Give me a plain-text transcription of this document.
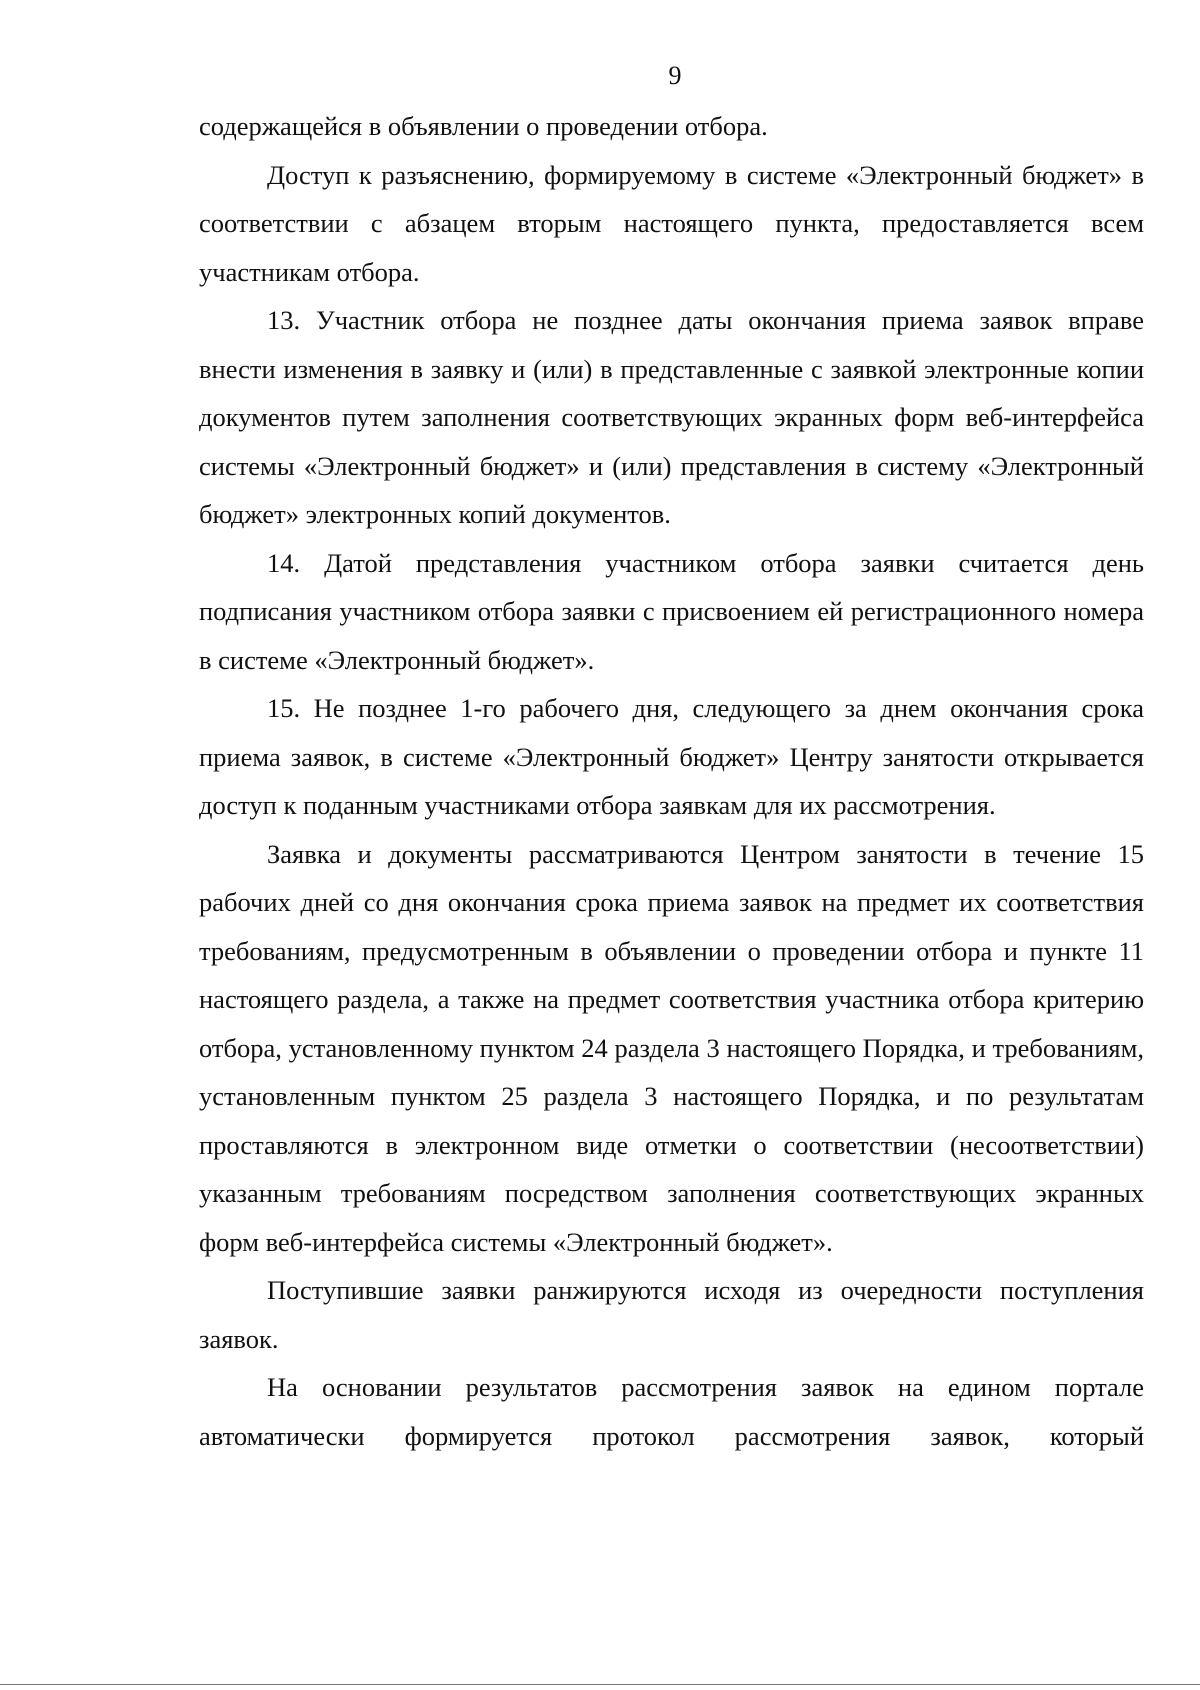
9

содержащейся в объявлении о проведении отбора.

Доступ к разъяснению, формируемому в системе «Электронный бюджет» в соответствии с абзацем вторым настоящего пункта, предоставляется всем участникам отбора.

13. Участник отбора не позднее даты окончания приема заявок вправе внести изменения в заявку и (или) в представленные с заявкой электронные копии документов путем заполнения соответствующих экранных форм веб-интерфейса системы «Электронный бюджет» и (или) представления в систему «Электронный бюджет» электронных копий документов.

14. Датой представления участником отбора заявки считается день подписания участником отбора заявки с присвоением ей регистрационного номера в системе «Электронный бюджет».

15. Не позднее 1-го рабочего дня, следующего за днем окончания срока приема заявок, в системе «Электронный бюджет» Центру занятости открывается доступ к поданным участниками отбора заявкам для их рассмотрения.

Заявка и документы рассматриваются Центром занятости в течение 15 рабочих дней со дня окончания срока приема заявок на предмет их соответствия требованиям, предусмотренным в объявлении о проведении отбора и пункте 11 настоящего раздела, а также на предмет соответствия участника отбора критерию отбора, установленному пунктом 24 раздела 3 настоящего Порядка, и требованиям, установленным пунктом 25 раздела 3 настоящего Порядка, и по результатам проставляются в электронном виде отметки о соответствии (несоответствии) указанным требованиям посредством заполнения соответствующих экранных форм веб-интерфейса системы «Электронный бюджет».

Поступившие заявки ранжируются исходя из очередности поступления заявок.

На основании результатов рассмотрения заявок на едином портале автоматически формируется протокол рассмотрения заявок, который
